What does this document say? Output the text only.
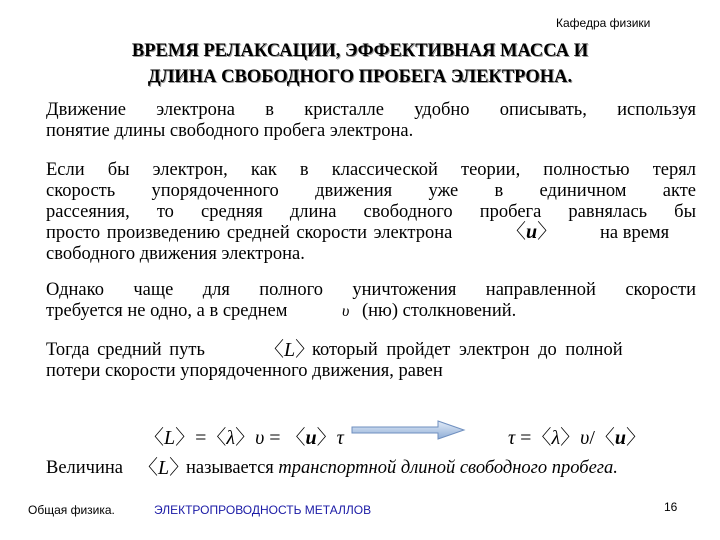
Кафедра физики
ВРЕМЯ РЕЛАКСАЦИИ, ЭФФЕКТИВНАЯ МАССА И
ДЛИНА СВОБОДНОГО ПРОБЕГА ЭЛЕКТРОНА.
Движение электрона в кристалле удобно описывать, используя
понятие длины свободного пробега электрона.
Если бы электрон, как в классической теории, полностью терял
скорость упорядоченного движения уже в единичном акте
рассеяния, то средняя длина свободного пробега равнялась бы
просто произведению средней скорости электрона	〈u〉 на время
свободного движения электрона.
Однако чаще для полного уничтожения направленной скорости
требуется не одно, а в среднем	υ (ню) столкновений.
Тогда средний путь	〈L〉
который пройдет электрон до полной
потери скорости упорядоченного движения, равен
〈L〉=〈λ〉υ = 〈u〉τ	τ =〈λ〉υ/〈u〉
Величина 〈L〉
называется транспортной длиной свободного пробега.
Общая физика.	ЭЛЕКТРОПРОВОДНОСТЬ МЕТАЛЛОВ	16
